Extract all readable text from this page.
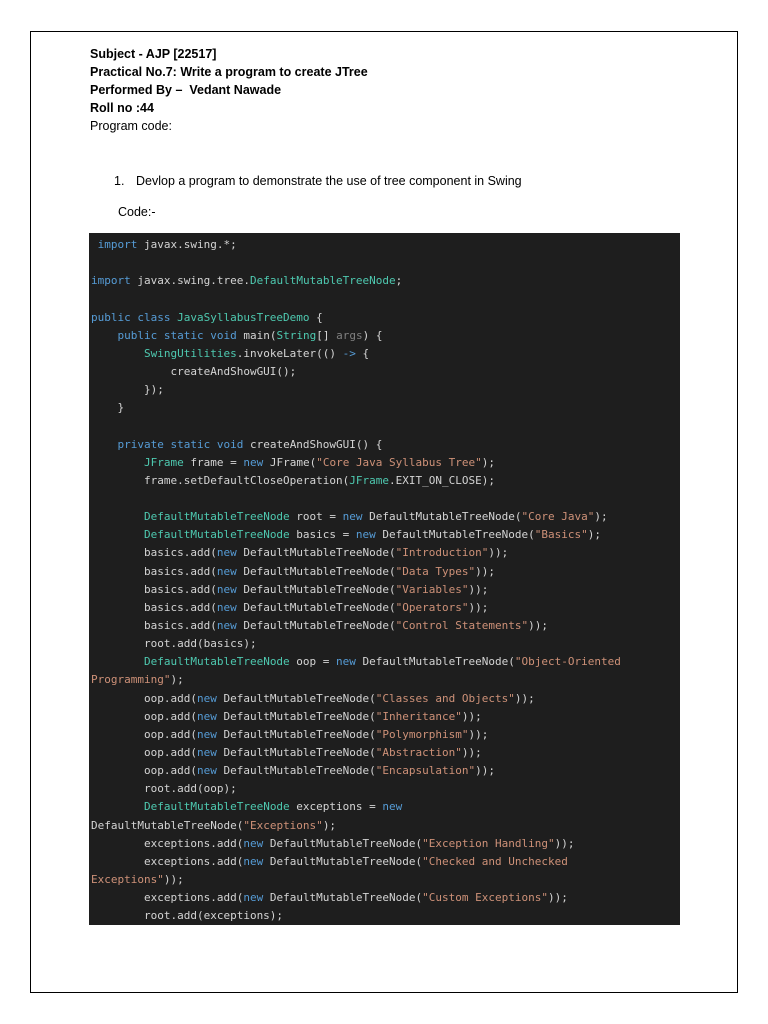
Subject - AJP [22517]
Practical No.7: Write a program to create JTree
Performed By –  Vedant Nawade
Roll no :44
Program code:
1. Devlop a program to demonstrate the use of tree component in Swing
Code:-
import javax.swing.*;

import javax.swing.tree.DefaultMutableTreeNode;

public class JavaSyllabusTreeDemo {
public static void main(String[] args) {
SwingUtilities.invokeLater(() -> {
createAndShowGUI();
});
}

private static void createAndShowGUI() {
JFrame frame = new JFrame("Core Java Syllabus Tree");
frame.setDefaultCloseOperation(JFrame.EXIT_ON_CLOSE);

DefaultMutableTreeNode root = new DefaultMutableTreeNode("Core Java");
DefaultMutableTreeNode basics = new DefaultMutableTreeNode("Basics");
basics.add(new DefaultMutableTreeNode("Introduction"));
basics.add(new DefaultMutableTreeNode("Data Types"));
basics.add(new DefaultMutableTreeNode("Variables"));
basics.add(new DefaultMutableTreeNode("Operators"));
basics.add(new DefaultMutableTreeNode("Control Statements"));
root.add(basics);
DefaultMutableTreeNode oop = new DefaultMutableTreeNode("Object-Oriented
Programming");
oop.add(new DefaultMutableTreeNode("Classes and Objects"));
oop.add(new DefaultMutableTreeNode("Inheritance"));
oop.add(new DefaultMutableTreeNode("Polymorphism"));
oop.add(new DefaultMutableTreeNode("Abstraction"));
oop.add(new DefaultMutableTreeNode("Encapsulation"));
root.add(oop);
DefaultMutableTreeNode exceptions = new
DefaultMutableTreeNode("Exceptions");
exceptions.add(new DefaultMutableTreeNode("Exception Handling"));
exceptions.add(new DefaultMutableTreeNode("Checked and Unchecked
Exceptions"));
exceptions.add(new DefaultMutableTreeNode("Custom Exceptions"));
root.add(exceptions);
